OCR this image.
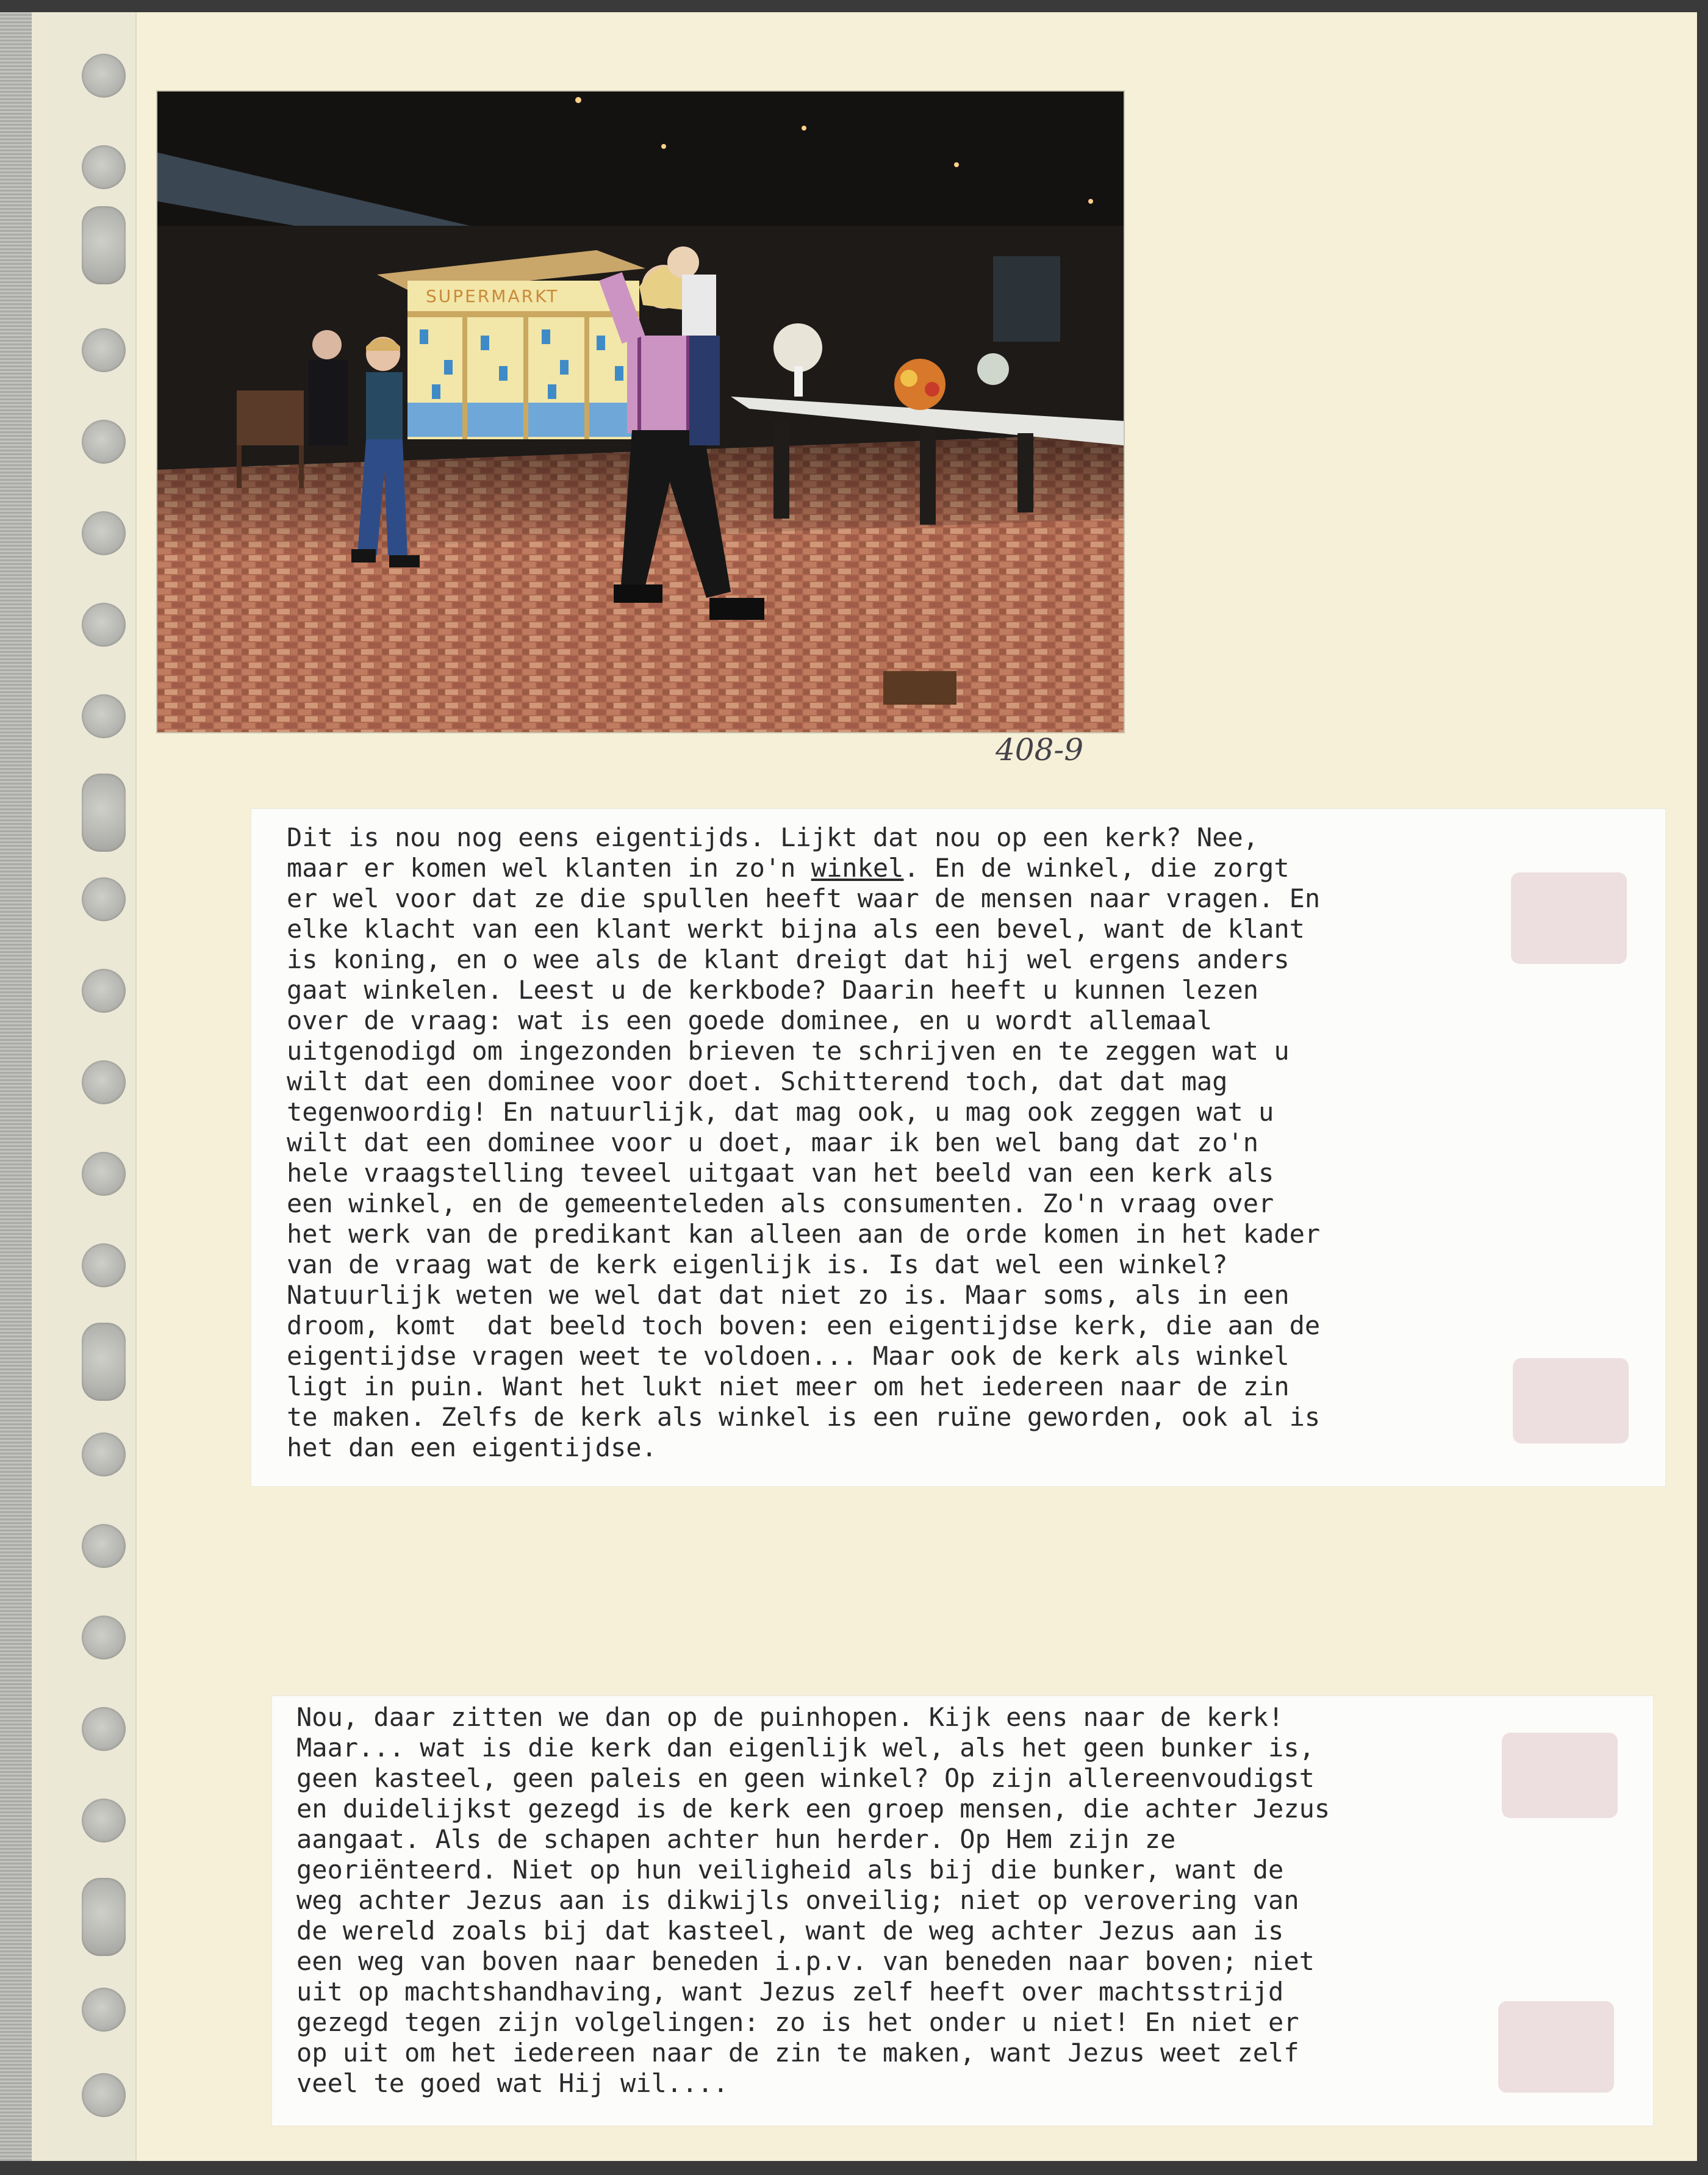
SUPERMARKT
408-9
Dit is nou nog eens eigentijds. Lijkt dat nou op een kerk? Nee,
maar er komen wel klanten in zo'n winkel. En de winkel, die zorgt
er wel voor dat ze die spullen heeft waar de mensen naar vragen. En
elke klacht van een klant werkt bijna als een bevel, want de klant
is koning, en o wee als de klant dreigt dat hij wel ergens anders
gaat winkelen. Leest u de kerkbode? Daarin heeft u kunnen lezen
over de vraag: wat is een goede dominee, en u wordt allemaal
uitgenodigd om ingezonden brieven te schrijven en te zeggen wat u
wilt dat een dominee voor doet. Schitterend toch, dat dat mag
tegenwoordig! En natuurlijk, dat mag ook, u mag ook zeggen wat u
wilt dat een dominee voor u doet, maar ik ben wel bang dat zo'n
hele vraagstelling teveel uitgaat van het beeld van een kerk als
een winkel, en de gemeenteleden als consumenten. Zo'n vraag over
het werk van de predikant kan alleen aan de orde komen in het kader
van de vraag wat de kerk eigenlijk is. Is dat wel een winkel?
Natuurlijk weten we wel dat dat niet zo is. Maar soms, als in een
droom, komt  dat beeld toch boven: een eigentijdse kerk, die aan de
eigentijdse vragen weet te voldoen... Maar ook de kerk als winkel
ligt in puin. Want het lukt niet meer om het iedereen naar de zin
te maken. Zelfs de kerk als winkel is een ruïne geworden, ook al is
het dan een eigentijdse.
Nou, daar zitten we dan op de puinhopen. Kijk eens naar de kerk!
Maar... wat is die kerk dan eigenlijk wel, als het geen bunker is,
geen kasteel, geen paleis en geen winkel? Op zijn allereenvoudigst
en duidelijkst gezegd is de kerk een groep mensen, die achter Jezus
aangaat. Als de schapen achter hun herder. Op Hem zijn ze
georiënteerd. Niet op hun veiligheid als bij die bunker, want de
weg achter Jezus aan is dikwijls onveilig; niet op verovering van
de wereld zoals bij dat kasteel, want de weg achter Jezus aan is
een weg van boven naar beneden i.p.v. van beneden naar boven; niet
uit op machtshandhaving, want Jezus zelf heeft over machtsstrijd
gezegd tegen zijn volgelingen: zo is het onder u niet! En niet er
op uit om het iedereen naar de zin te maken, want Jezus weet zelf
veel te goed wat Hij wil....
